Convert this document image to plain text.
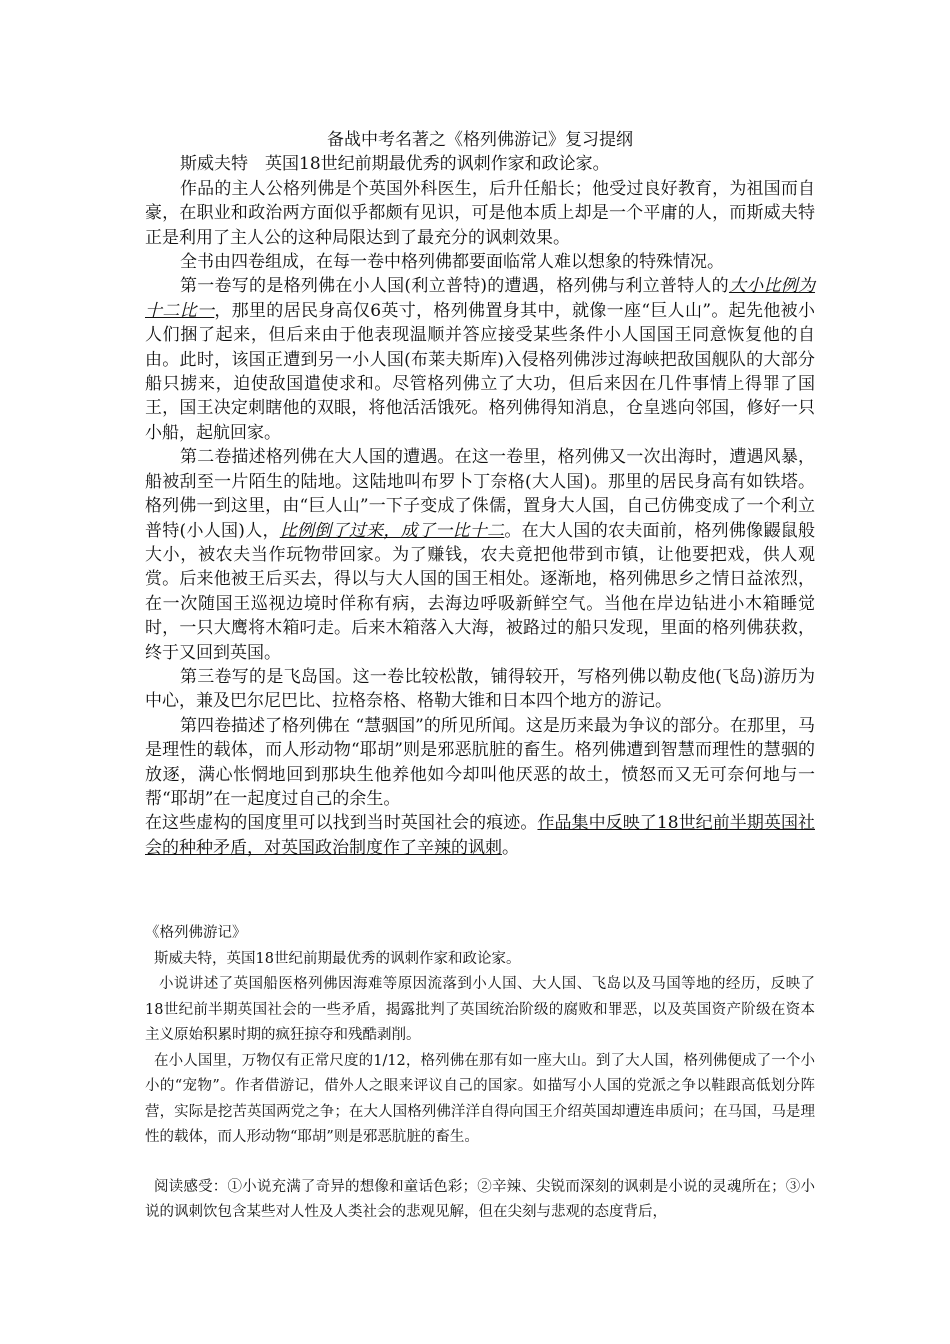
备战中考名著之《格列佛游记》复习提纲

斯威夫特　英国18世纪前期最优秀的讽刺作家和政论家。

作品的主人公格列佛是个英国外科医生，后升任船长；他受过良好教育，为祖国而自豪，在职业和政治两方面似乎都颇有见识，可是他本质上却是一个平庸的人，而斯威夫特正是利用了主人公的这种局限达到了最充分的讽刺效果。

全书由四卷组成，在每一卷中格列佛都要面临常人难以想象的特殊情况。

第一卷写的是格列佛在小人国(利立普特)的遭遇，格列佛与利立普特人的大小比例为十二比一，那里的居民身高仅6英寸，格列佛置身其中，就像一座“巨人山”。起先他被小人们捆了起来，但后来由于他表现温顺并答应接受某些条件小人国国王同意恢复他的自由。此时，该国正遭到另一小人国(布莱夫斯库)入侵格列佛涉过海峡把敌国舰队的大部分船只掳来，迫使敌国遣使求和。尽管格列佛立了大功，但后来因在几件事情上得罪了国王，国王决定刺瞎他的双眼，将他活活饿死。格列佛得知消息，仓皇逃向邻国，修好一只小船，起航回家。

第二卷描述格列佛在大人国的遭遇。在这一卷里，格列佛又一次出海时，遭遇风暴，船被刮至一片陌生的陆地。这陆地叫布罗卜丁奈格(大人国)。那里的居民身高有如铁塔。格列佛一到这里，由“巨人山”一下子变成了侏儒，置身大人国，自己仿佛变成了一个利立普特(小人国)人，比例倒了过来，成了一比十二。在大人国的农夫面前，格列佛像鼹鼠般大小，被农夫当作玩物带回家。为了赚钱，农夫竟把他带到市镇，让他要把戏，供人观赏。后来他被王后买去，得以与大人国的国王相处。逐渐地，格列佛思乡之情日益浓烈，在一次随国王巡视边境时佯称有病，去海边呼吸新鲜空气。当他在岸边钻进小木箱睡觉时，一只大鹰将木箱叼走。后来木箱落入大海，被路过的船只发现，里面的格列佛获救，终于又回到英国。

第三卷写的是飞岛国。这一卷比较松散，铺得较开，写格列佛以勒皮他(飞岛)游历为中心，兼及巴尔尼巴比、拉格奈格、格勒大锥和日本四个地方的游记。

第四卷描述了格列佛在 “慧骃国”的所见所闻。这是历来最为争议的部分。在那里，马是理性的载体，而人形动物“耶胡”则是邪恶肮脏的畜生。格列佛遭到智慧而理性的慧骃的放逐，满心怅惘地回到那块生他养他如今却叫他厌恶的故土，愤怒而又无可奈何地与一帮“耶胡”在一起度过自己的余生。

在这些虚构的国度里可以找到当时英国社会的痕迹。作品集中反映了18世纪前半期英国社会的种种矛盾，对英国政治制度作了辛辣的讽刺。

《格列佛游记》

斯威夫特，英国18世纪前期最优秀的讽刺作家和政论家。

小说讲述了英国船医格列佛因海难等原因流落到小人国、大人国、飞岛以及马国等地的经历，反映了18世纪前半期英国社会的一些矛盾，揭露批判了英国统治阶级的腐败和罪恶，以及英国资产阶级在资本主义原始积累时期的疯狂掠夺和残酷剥削。

在小人国里，万物仅有正常尺度的1/12，格列佛在那有如一座大山。到了大人国，格列佛便成了一个小小的“宠物”。作者借游记，借外人之眼来评议自己的国家。如描写小人国的党派之争以鞋跟高低划分阵营，实际是挖苦英国两党之争；在大人国格列佛洋洋自得向国王介绍英国却遭连串质问；在马国，马是理性的载体，而人形动物“耶胡”则是邪恶肮脏的畜生。

阅读感受：①小说充满了奇异的想像和童话色彩；②辛辣、尖锐而深刻的讽刺是小说的灵魂所在；③小说的讽刺饮包含某些对人性及人类社会的悲观见解，但在尖刻与悲观的态度背后，
